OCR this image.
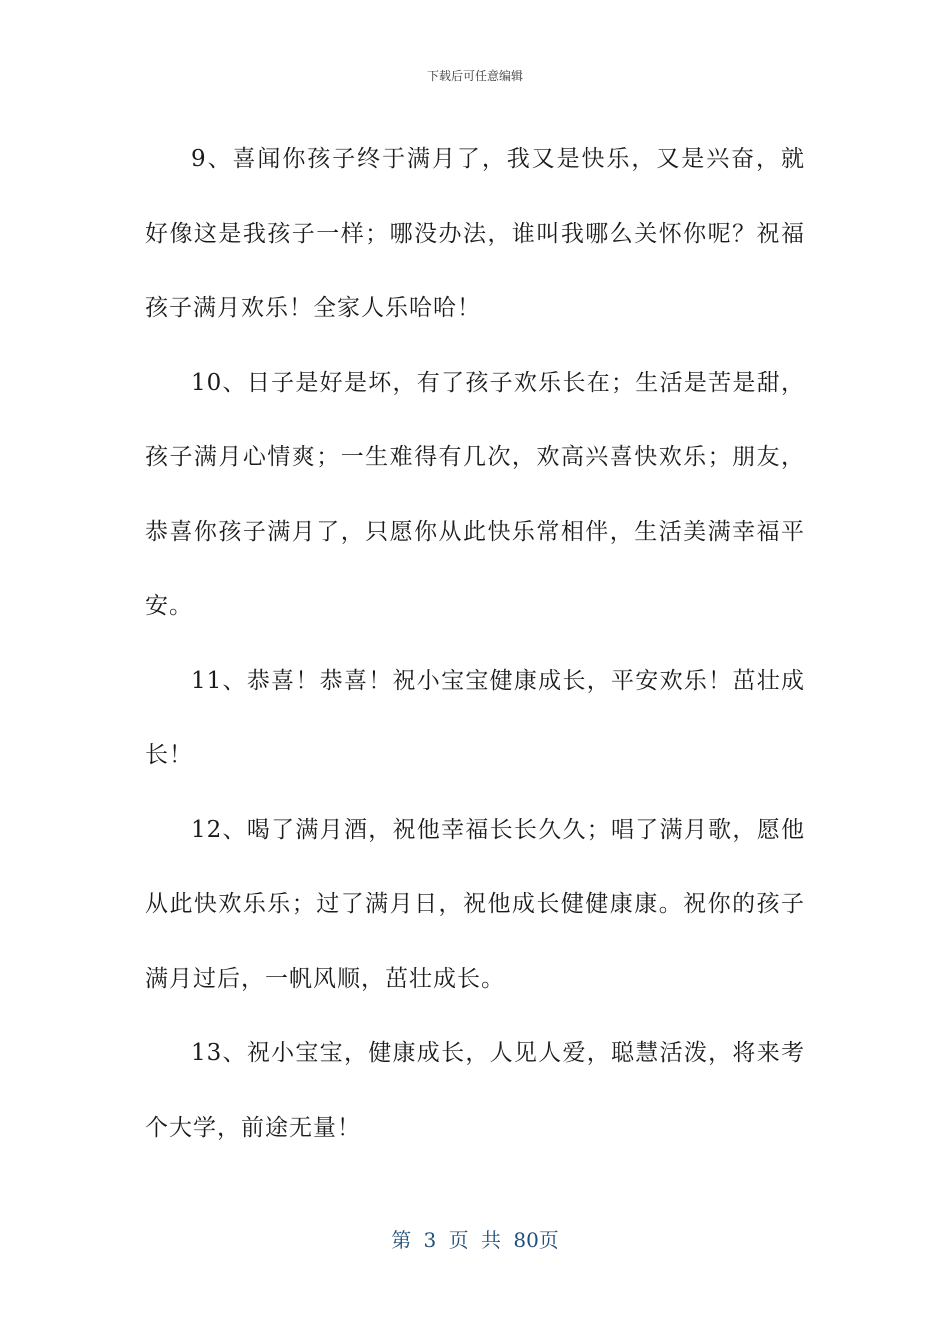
下载后可任意编辑

9、喜闻你孩子终于满月了，我又是快乐，又是兴奋，就好像这是我孩子一样；哪没办法，谁叫我哪么关怀你呢？祝福孩子满月欢乐！全家人乐哈哈！

10、日子是好是坏，有了孩子欢乐长在；生活是苦是甜，孩子满月心情爽；一生难得有几次，欢高兴喜快欢乐；朋友，恭喜你孩子满月了，只愿你从此快乐常相伴，生活美满幸福平安。

11、恭喜！恭喜！祝小宝宝健康成长，平安欢乐！茁壮成长！

12、喝了满月酒，祝他幸福长长久久；唱了满月歌，愿他从此快欢乐乐；过了满月日，祝他成长健健康康。祝你的孩子满月过后，一帆风顺，茁壮成长。

13、祝小宝宝，健康成长，人见人爱，聪慧活泼，将来考个大学，前途无量！

第 3 页 共 80页
